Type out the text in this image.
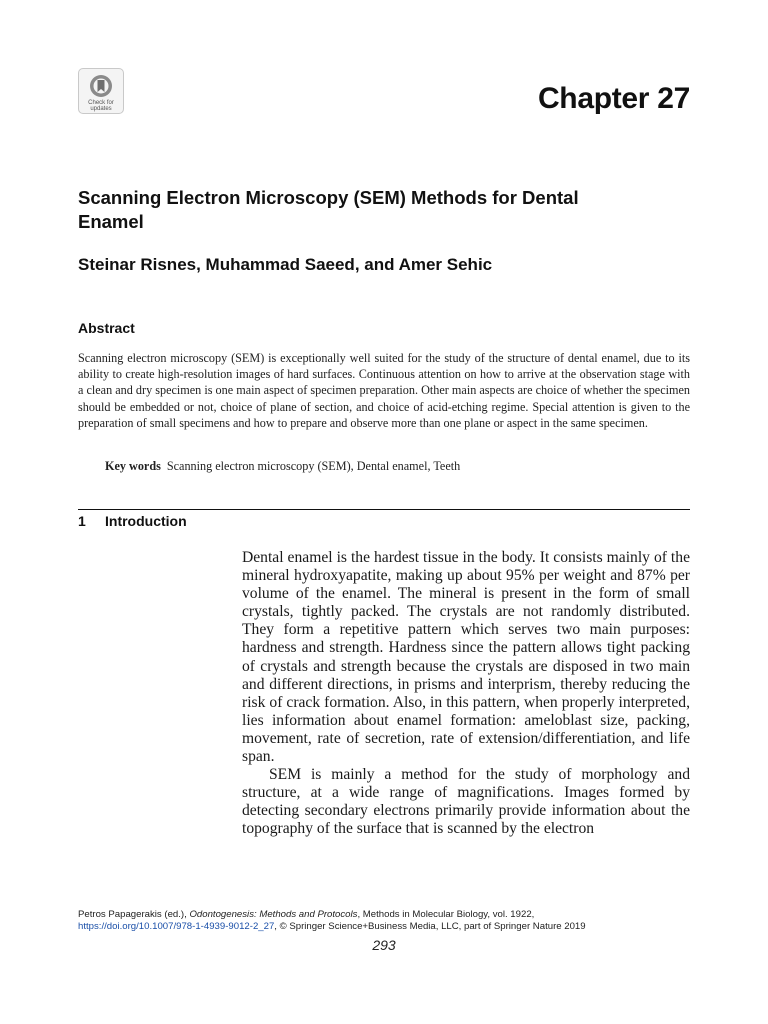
Check for updates	Chapter 27
Scanning Electron Microscopy (SEM) Methods for Dental Enamel
Steinar Risnes, Muhammad Saeed, and Amer Sehic
Abstract
Scanning electron microscopy (SEM) is exceptionally well suited for the study of the structure of dental enamel, due to its ability to create high-resolution images of hard surfaces. Continuous attention on how to arrive at the observation stage with a clean and dry specimen is one main aspect of specimen preparation. Other main aspects are choice of whether the specimen should be embedded or not, choice of plane of section, and choice of acid-etching regime. Special attention is given to the preparation of small specimens and how to prepare and observe more than one plane or aspect in the same specimen.
Key words Scanning electron microscopy (SEM), Dental enamel, Teeth
1 Introduction

Dental enamel is the hardest tissue in the body. It consists mainly of the mineral hydroxyapatite, making up about 95% per weight and 87% per volume of the enamel. The mineral is present in the form of small crystals, tightly packed. The crystals are not randomly distributed. They form a repetitive pattern which serves two main purposes: hardness and strength. Hardness since the pattern allows tight packing of crystals and strength because the crystals are disposed in two main and different directions, in prisms and interprism, thereby reducing the risk of crack formation. Also, in this pattern, when properly interpreted, lies information about enamel formation: ameloblast size, packing, movement, rate of secretion, rate of extension/differentiation, and life span.

SEM is mainly a method for the study of morphology and structure, at a wide range of magnifications. Images formed by detecting secondary electrons primarily provide information about the topography of the surface that is scanned by the electron

Petros Papagerakis (ed.), Odontogenesis: Methods and Protocols, Methods in Molecular Biology, vol. 1922,
https://doi.org/10.1007/978-1-4939-9012-2_27, © Springer Science+Business Media, LLC, part of Springer Nature 2019
293
